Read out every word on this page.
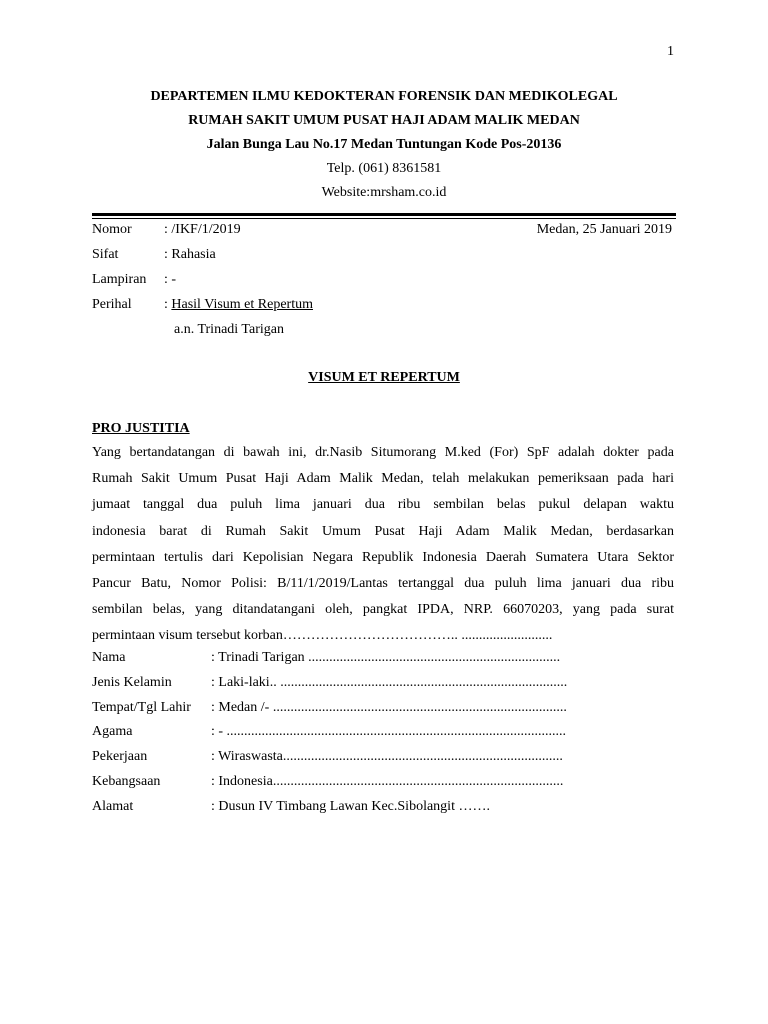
1
DEPARTEMEN ILMU KEDOKTERAN FORENSIK DAN MEDIKOLEGAL
RUMAH SAKIT UMUM PUSAT HAJI ADAM MALIK MEDAN
Jalan Bunga Lau No.17 Medan Tuntungan Kode Pos-20136
Telp. (061) 8361581
Website:mrsham.co.id
Nomor : /IKF/1/2019	Medan, 25 Januari 2019
Sifat	: Rahasia
Lampiran : -
Perihal : Hasil Visum et Repertum
a.n. Trinadi Tarigan
VISUM ET REPERTUM
PRO JUSTITIA
Yang bertandatangan di bawah ini, dr.Nasib Situmorang M.ked (For) SpF adalah dokter pada
Rumah Sakit Umum Pusat Haji Adam Malik Medan, telah melakukan pemeriksaan pada hari
jumaat tanggal dua puluh lima januari dua ribu sembilan belas pukul delapan waktu
indonesia barat di Rumah Sakit Umum Pusat Haji Adam Malik Medan, berdasarkan
permintaan tertulis dari Kepolisian Negara Republik Indonesia Daerah Sumatera Utara Sektor
Pancur Batu, Nomor Polisi: B/11/1/2019/Lantas tertanggal dua puluh lima januari dua ribu
sembilan belas, yang ditandatangani oleh, pangkat IPDA, NRP. 66070203, yang pada surat
permintaan visum tersebut korban……………………………….. ..........................
Nama	: Trinadi Tarigan ........................................................................
Jenis Kelamin	: Laki-laki.. ..................................................................................
Tempat/Tgl Lahir : Medan /- ....................................................................................
Agama	: - .................................................................................................
Pekerjaan	: Wiraswasta................................................................................
Kebangsaan	: Indonesia...................................................................................
Alamat	: Dusun IV Timbang Lawan Kec.Sibolangit …….
